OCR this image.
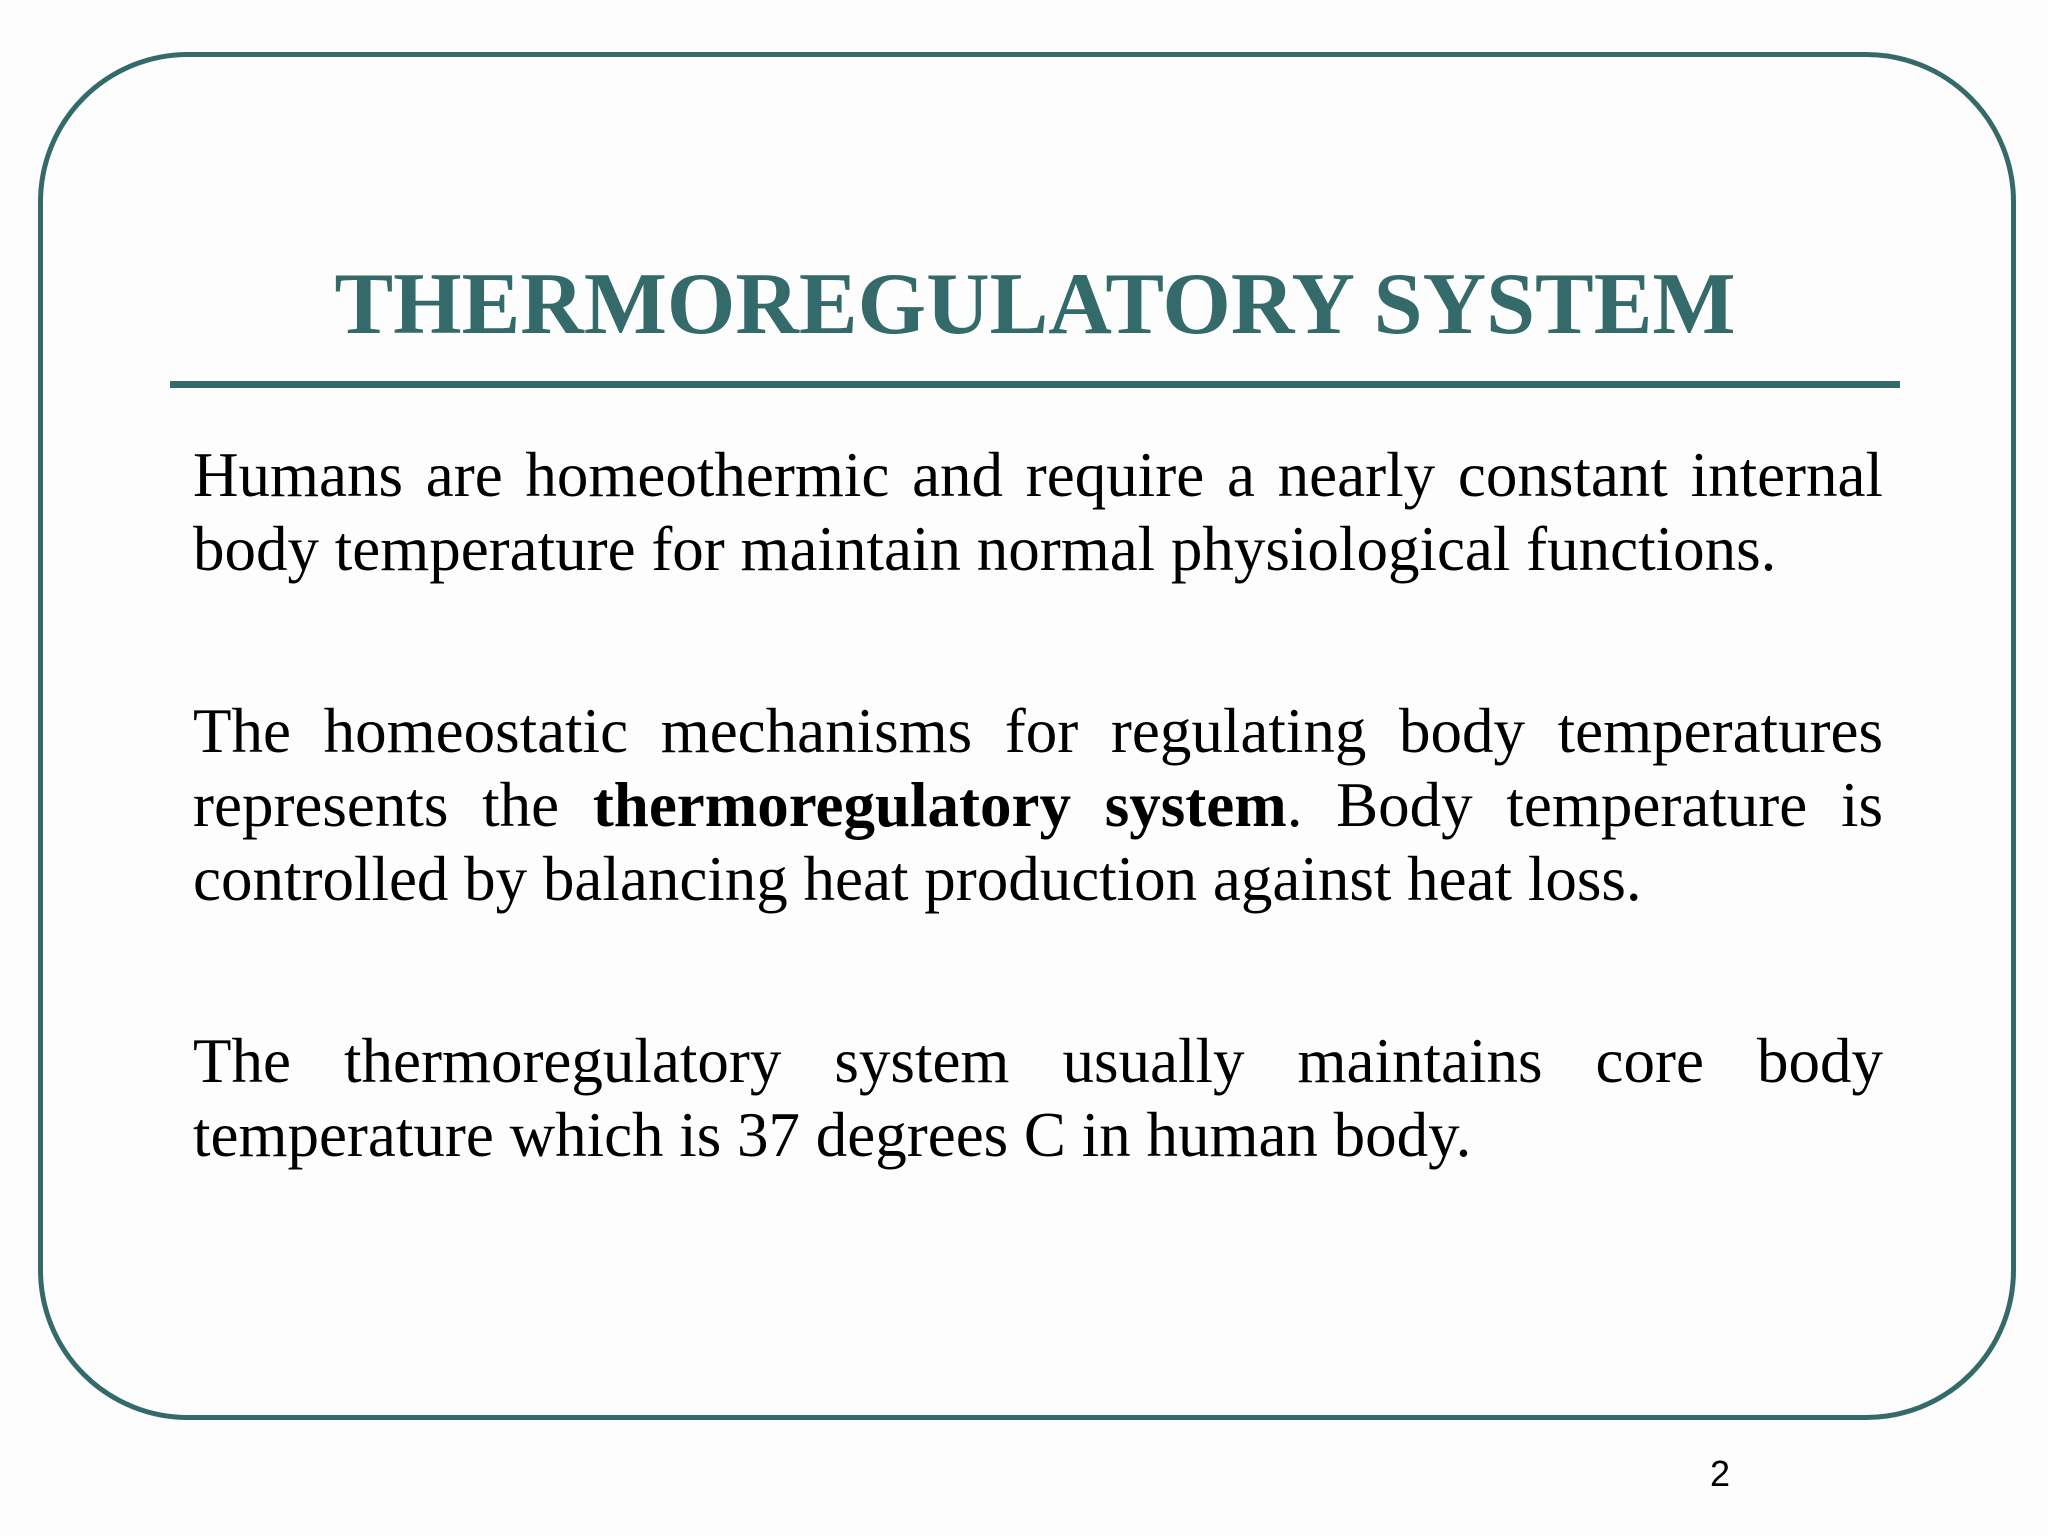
THERMOREGULATORY SYSTEM

Humans are homeothermic and require a nearly constant internal body temperature for maintain normal physiological functions.

The homeostatic mechanisms for regulating body temperatures represents the thermoregulatory system. Body temperature is controlled by balancing heat production against heat loss.

The thermoregulatory system usually maintains core body temperature which is 37 degrees C in human body.

2
